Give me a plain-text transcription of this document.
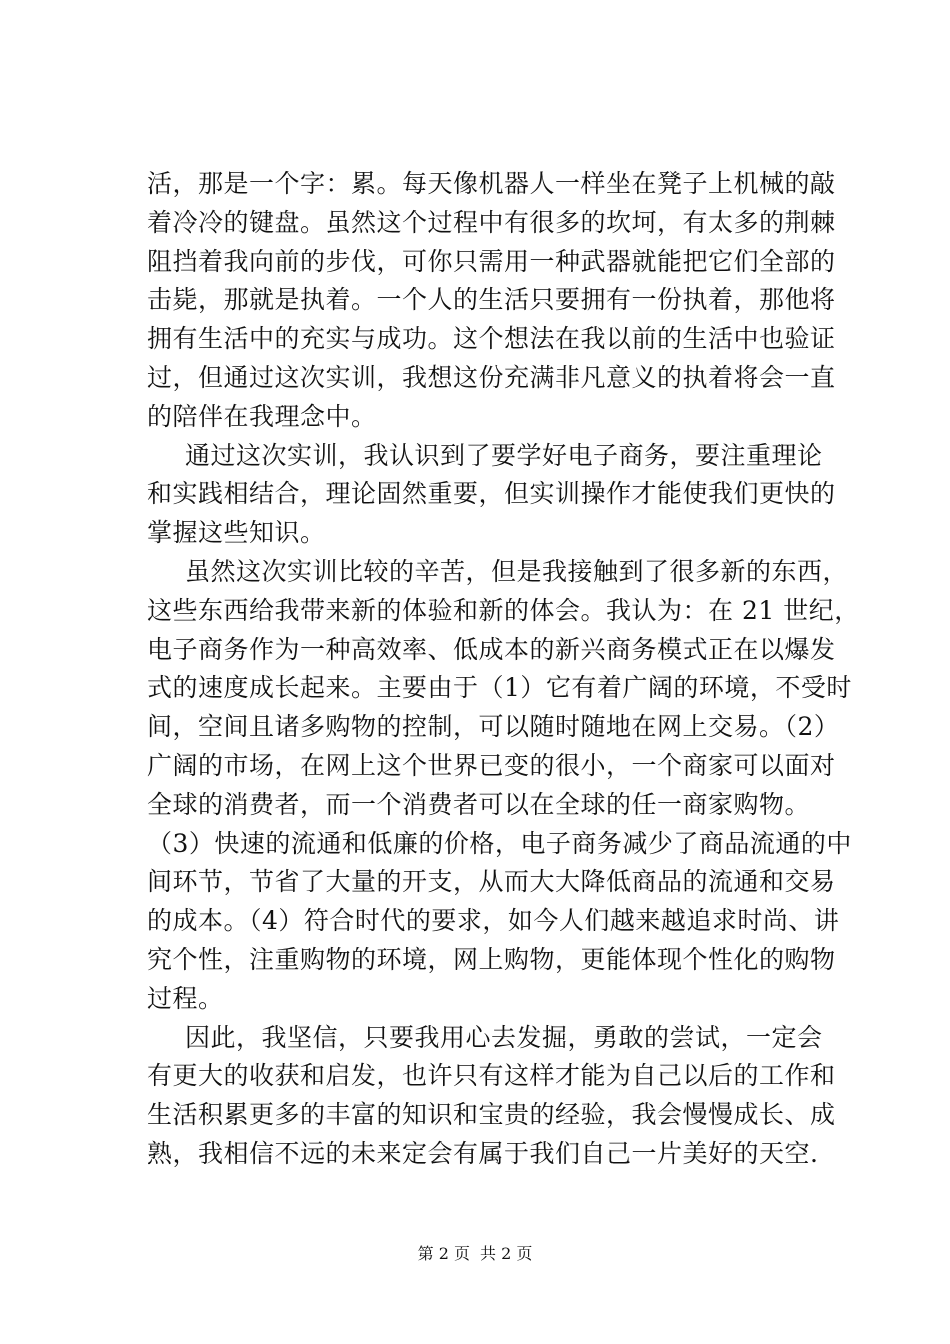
活，那是一个字：累。每天像机器人一样坐在凳子上机械的敲
着冷冷的键盘。虽然这个过程中有很多的坎坷，有太多的荆棘
阻挡着我向前的步伐，可你只需用一种武器就能把它们全部的
击毙，那就是执着。一个人的生活只要拥有一份执着，那他将
拥有生活中的充实与成功。这个想法在我以前的生活中也验证
过，但通过这次实训，我想这份充满非凡意义的执着将会一直
的陪伴在我理念中。
通过这次实训，我认识到了要学好电子商务，要注重理论
和实践相结合，理论固然重要，但实训操作才能使我们更快的
掌握这些知识。
虽然这次实训比较的辛苦，但是我接触到了很多新的东西，
这些东西给我带来新的体验和新的体会。我认为：在 21 世纪，
电子商务作为一种高效率、低成本的新兴商务模式正在以爆发
式的速度成长起来。主要由于（1）它有着广阔的环境，不受时
间，空间且诸多购物的控制，可以随时随地在网上交易。（2）
广阔的市场，在网上这个世界已变的很小，一个商家可以面对
全球的消费者，而一个消费者可以在全球的任一商家购物。
（3）快速的流通和低廉的价格，电子商务减少了商品流通的中
间环节，节省了大量的开支，从而大大降低商品的流通和交易
的成本。（4）符合时代的要求，如今人们越来越追求时尚、讲
究个性，注重购物的环境，网上购物，更能体现个性化的购物
过程。
因此，我坚信，只要我用心去发掘，勇敢的尝试，一定会
有更大的收获和启发，也许只有这样才能为自己以后的工作和
生活积累更多的丰富的知识和宝贵的经验，我会慢慢成长、成
熟，我相信不远的未来定会有属于我们自己一片美好的天空.
第 2 页 共 2 页
